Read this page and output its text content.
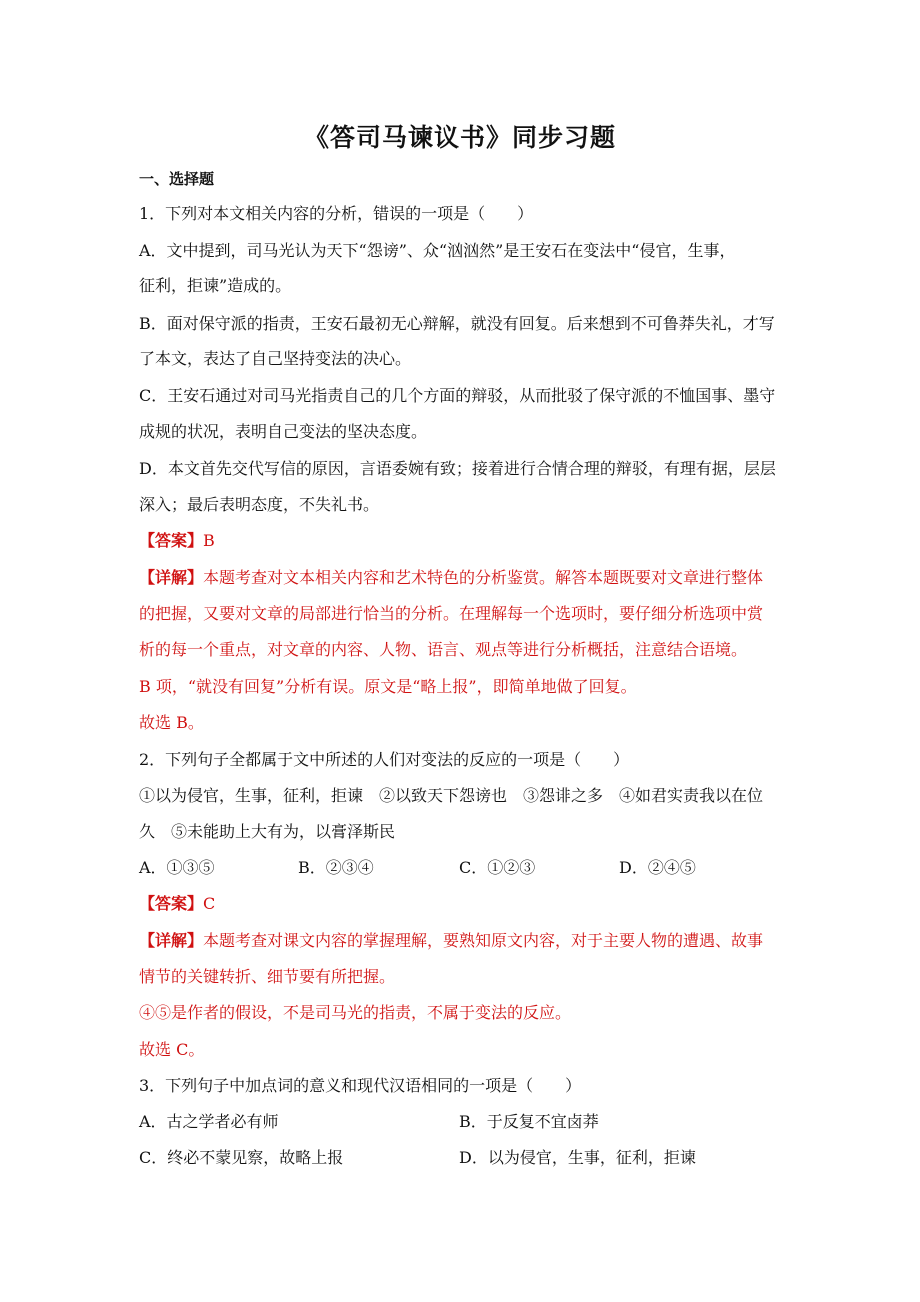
《答司马谏议书》同步习题
一、选择题
1．下列对本文相关内容的分析，错误的一项是（　　）
A．文中提到，司马光认为天下“怨谤”、众“汹汹然”是王安石在变法中“侵官，生事，
征利，拒谏”造成的。
B．面对保守派的指责，王安石最初无心辩解，就没有回复。后来想到不可鲁莽失礼，才写
了本文，表达了自己坚持变法的决心。
C．王安石通过对司马光指责自己的几个方面的辩驳，从而批驳了保守派的不恤国事、墨守
成规的状况，表明自己变法的坚决态度。
D．本文首先交代写信的原因，言语委婉有致；接着进行合情合理的辩驳，有理有据，层层
深入；最后表明态度，不失礼书。
【答案】B
【详解】本题考查对文本相关内容和艺术特色的分析鉴赏。解答本题既要对文章进行整体
的把握，又要对文章的局部进行恰当的分析。在理解每一个选项时，要仔细分析选项中赏
析的每一个重点，对文章的内容、人物、语言、观点等进行分析概括，注意结合语境。
B 项，“就没有回复”分析有误。原文是“略上报”，即简单地做了回复。
故选 B。
2．下列句子全都属于文中所述的人们对变法的反应的一项是（　　）
①以为侵官，生事，征利，拒谏　②以致天下怨谤也　③怨诽之多　④如君实责我以在位
久　⑤未能助上大有为，以膏泽斯民
A．①③⑤	B．②③④	C．①②③	D．②④⑤
【答案】C
【详解】本题考查对课文内容的掌握理解，要熟知原文内容，对于主要人物的遭遇、故事
情节的关键转折、细节要有所把握。
④⑤是作者的假设，不是司马光的指责，不属于变法的反应。
故选 C。
3．下列句子中加点词的意义和现代汉语相同的一项是（　　）
A．古之学者必有师	B．于反复不宜卤莽
C．终必不蒙见察，故略上报	D．以为侵官，生事，征利，拒谏
